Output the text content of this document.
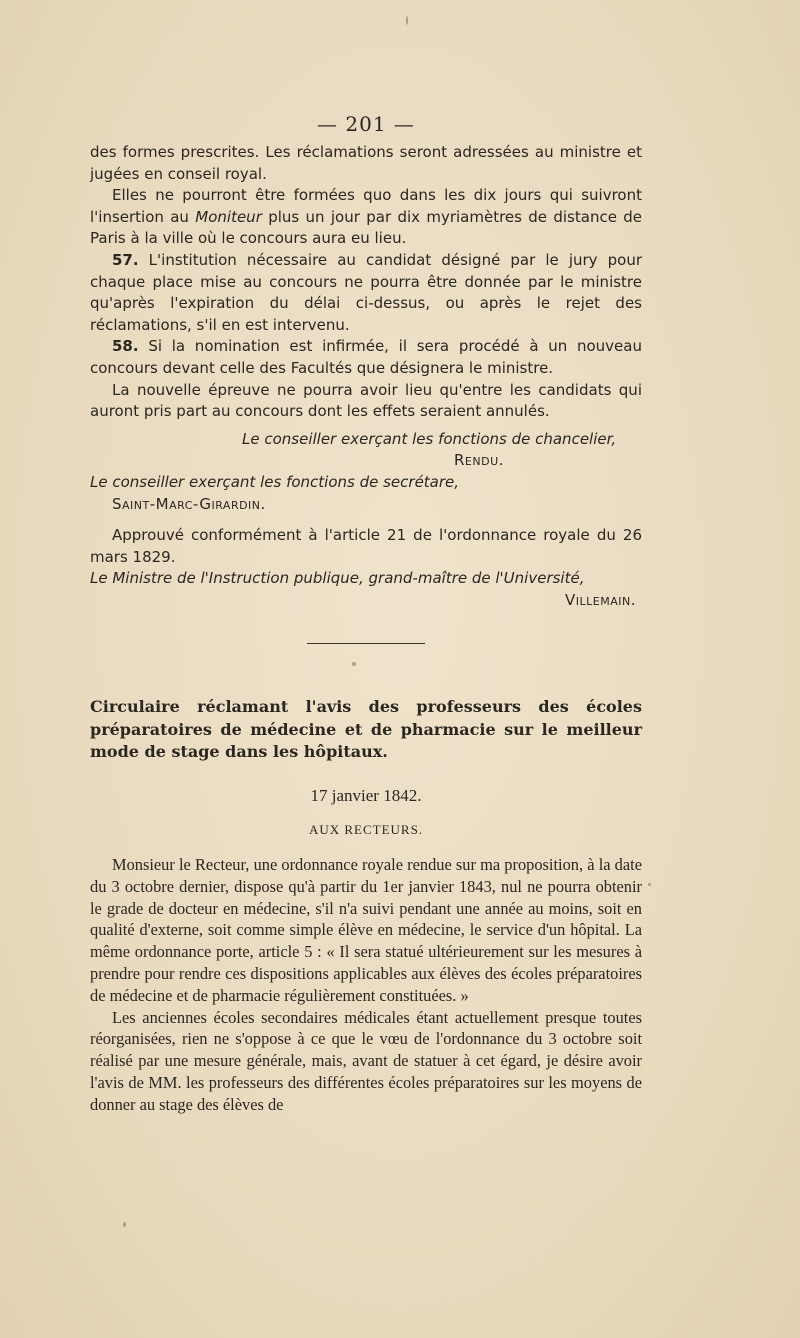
— 201 —

des formes prescrites. Les réclamations seront adressées au ministre et jugées en conseil royal.

Elles ne pourront être formées quo dans les dix jours qui suivront l'insertion au Moniteur plus un jour par dix myriamètres de distance de Paris à la ville où le concours aura eu lieu.

57. L'institution nécessaire au candidat désigné par le jury pour chaque place mise au concours ne pourra être donnée par le ministre qu'après l'expiration du délai ci-dessus, ou après le rejet des réclamations, s'il en est intervenu.

58. Si la nomination est infirmée, il sera procédé à un nouveau concours devant celle des Facultés que désignera le ministre.

La nouvelle épreuve ne pourra avoir lieu qu'entre les candidats qui auront pris part au concours dont les effets seraient annulés.

Le conseiller exerçant les fonctions de chancelier,

Rendu.

Le conseiller exerçant les fonctions de secrétare,

Saint-Marc-Girardin.

Approuvé conformément à l'article 21 de l'ordonnance royale du 26 mars 1829.

Le Ministre de l'Instruction publique, grand-maître de l'Université,

Villemain.

Circulaire réclamant l'avis des professeurs des écoles préparatoires de médecine et de pharmacie sur le meilleur mode de stage dans les hôpitaux.

17 janvier 1842.
AUX RECTEURS.

Monsieur le Recteur, une ordonnance royale rendue sur ma proposition, à la date du 3 octobre dernier, dispose qu'à partir du 1er janvier 1843, nul ne pourra obtenir le grade de docteur en médecine, s'il n'a suivi pendant une année au moins, soit en qualité d'externe, soit comme simple élève en médecine, le service d'un hôpital. La même ordonnance porte, article 5 : « Il sera statué ultérieurement sur les mesures à prendre pour rendre ces dispositions applicables aux élèves des écoles préparatoires de médecine et de pharmacie régulièrement constituées. »

Les anciennes écoles secondaires médicales étant actuellement presque toutes réorganisées, rien ne s'oppose à ce que le vœu de l'ordonnance du 3 octobre soit réalisé par une mesure générale, mais, avant de statuer à cet égard, je désire avoir l'avis de MM. les professeurs des différentes écoles préparatoires sur les moyens de donner au stage des élèves de
